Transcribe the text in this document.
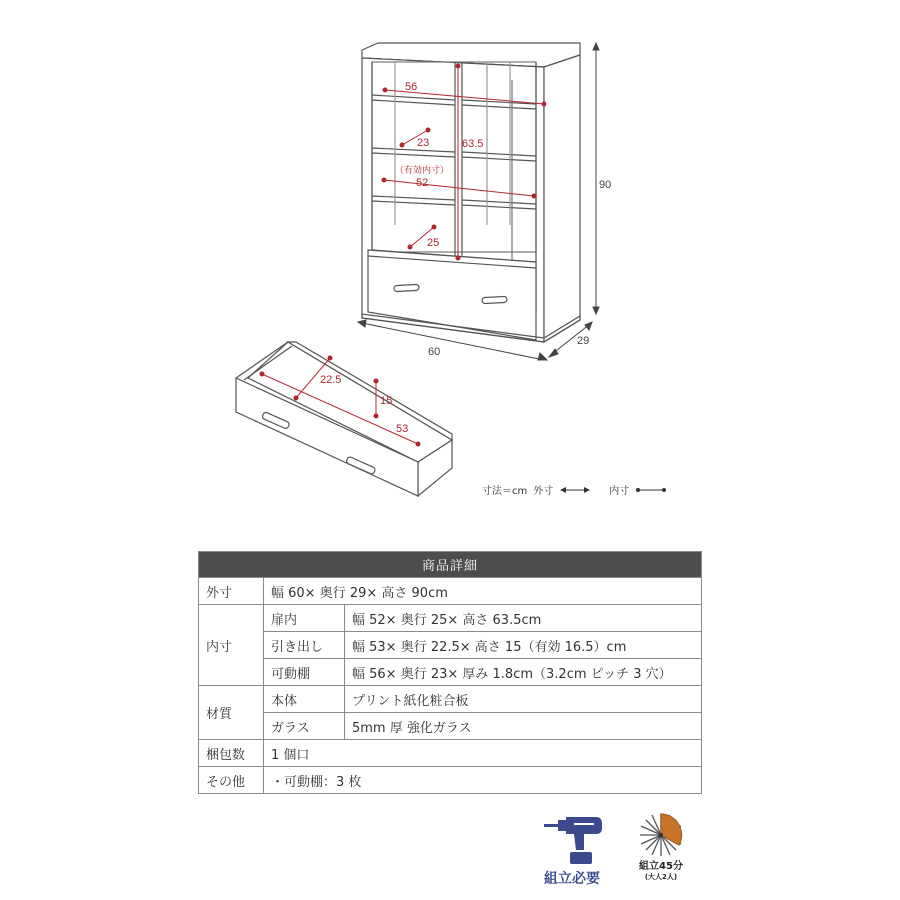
90
60
29
56
23	63.5
（有効内寸）
52
25
22.5
15
53
寸法＝cm 外寸	内寸
商品詳細		
外寸	幅 60× 奥行 29× 高さ 90cm	
内寸	扉内	幅 52× 奥行 25× 高さ 63.5cm
	引き出し	幅 53× 奥行 22.5× 高さ 15（有効 16.5）cm
	可動棚	幅 56× 奥行 23× 厚み 1.8cm（3.2cm ピッチ 3 穴）
材質	本体	プリント紙化粧合板
	ガラス	5mm 厚 強化ガラス
梱包数	1 個口	
その他	・可動棚：3 枚	
組立必要
組立45分
(大人2人)
